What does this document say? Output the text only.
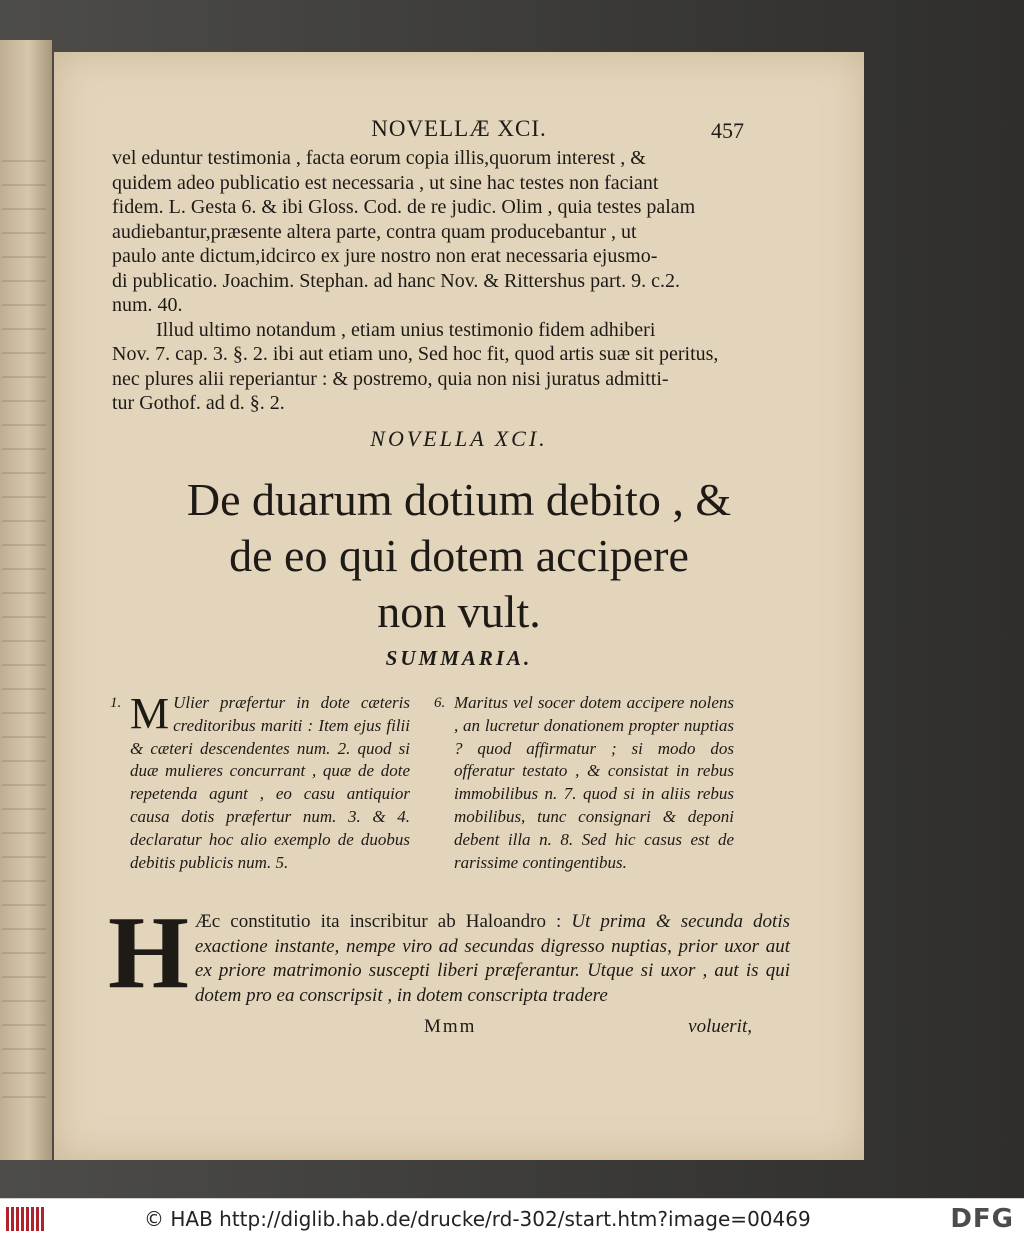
NOVELLÆ XCI.	457

vel eduntur testimonia , facta eorum copia illis,quorum interest , &

quidem adeo publicatio est necessaria , ut sine hac testes non faciant

fidem. L. Gesta 6. & ibi Gloss. Cod. de re judic. Olim , quia testes palam

audiebantur,præsente altera parte, contra quam producebantur , ut

paulo ante dictum,idcirco ex jure nostro non erat necessaria ejusmo-

di publicatio. Joachim. Stephan. ad hanc Nov. & Rittershus part. 9. c.2.

num. 40.

Illud ultimo notandum , etiam unius testimonio fidem adhiberi

Nov. 7. cap. 3. §. 2. ibi aut etiam uno, Sed hoc fit, quod artis suæ sit peritus,

nec plures alii reperiantur : & postremo, quia non nisi juratus admitti-

tur Gothof. ad d. §. 2.

NOVELLA XCI.
De duarum dotium debito , &
de eo qui dotem accipere
non vult.
SUMMARIA.
1. M Ulier præfertur in dote cæteris creditoribus mariti : Item ejus filii & cæteri descendentes num. 2. quod si duæ mulieres concurrant , quæ de dote repetenda agunt , eo casu antiquior causa dotis præfertur num. 3. & 4. declaratur hoc alio exemplo de duobus debitis publicis num. 5.
6. Maritus vel socer dotem accipere nolens , an lucretur donationem propter nuptias ? quod affirmatur ; si modo dos offeratur testato , & consistat in rebus immobilibus n. 7. quod si in aliis rebus mobilibus, tunc consignari & deponi debent illa n. 8. Sed hic casus est de rarissime contingentibus.
H Æc constitutio ita inscribitur ab Haloandro : Ut prima & secunda dotis exactione instante, nempe viro ad secundas digresso nuptias, prior uxor aut ex priore matrimonio suscepti liberi præferantur. Utque si uxor , aut is qui dotem pro ea conscripsit , in dotem conscripta tradere
Mmm	voluerit,
© HAB http://diglib.hab.de/drucke/rd-302/start.htm?image=00469	DFG
